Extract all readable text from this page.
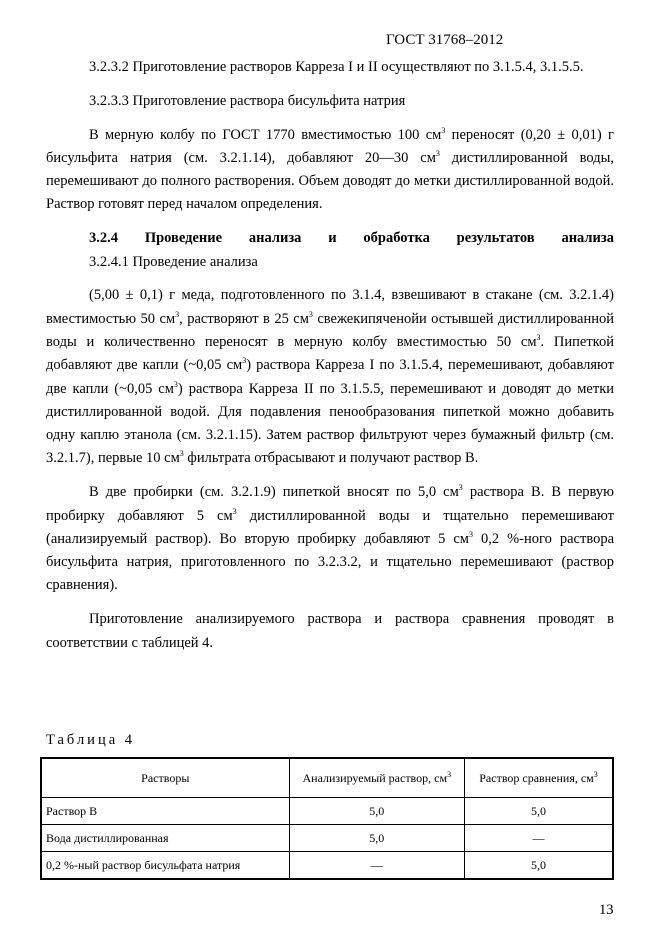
ГОСТ 31768–2012

3.2.3.2 Приготовление растворов Карреза I и II осуществляют по 3.1.5.4, 3.1.5.5.

3.2.3.3 Приготовление раствора бисульфита натрия

В мерную колбу по ГОСТ 1770 вместимостью 100 $см^3$ переносят (0,20 ± 0,01) г бисульфита натрия (см. 3.2.1.14), добавляют 20—30 $см^3$ дистиллированной воды, перемешивают до полного растворения. Объем доводят до метки дистиллированной водой. Раствор готовят перед началом определения.

3.2.4 Проведение анализа и обработка результатов анализа

3.2.4.1 Проведение анализа

(5,00 ± 0,1) г меда, подготовленного по 3.1.4, взвешивают в стакане (см. 3.2.1.4) вместимостью 50 $см^3$, растворяют в 25 $см^3$ свежекипяченойи остывшей дистиллированной воды и количественно переносят в мерную колбу вместимостью 50 $см^3$. Пипеткой добавляют две капли (~0,05 $см^3$) раствора Карреза I по 3.1.5.4, перемешивают, добавляют две капли (~0,05 $см^3$) раствора Карреза II по 3.1.5.5, перемешивают и доводят до метки дистиллированной водой. Для подавления пенообразования пипеткой можно добавить одну каплю этанола (см. 3.2.1.15). Затем раствор фильтруют через бумажный фильтр (см. 3.2.1.7), первые 10 $см^3$ фильтрата отбрасывают и получают раствор В.

В две пробирки (см. 3.2.1.9) пипеткой вносят по 5,0 $см^3$ раствора В. В первую пробирку добавляют 5 $см^3$ дистиллированной воды и тщательно перемешивают (анализируемый раствор). Во вторую пробирку добавляют 5 $см^3$ 0,2 %-ного раствора бисульфита натрия, приготовленного по 3.2.3.2, и тщательно перемешивают (раствор сравнения).

Приготовление анализируемого раствора и раствора сравнения проводят в соответствии с таблицей 4.

Таблица 4
Растворы	Анализируемый раствор, $см^3$	Раствор сравнения, $см^3$
Раствор В	5,0	5,0
Вода дистиллированная	5,0	—
0,2 %-ный раствор бисульфата натрия	—	5,0
13
